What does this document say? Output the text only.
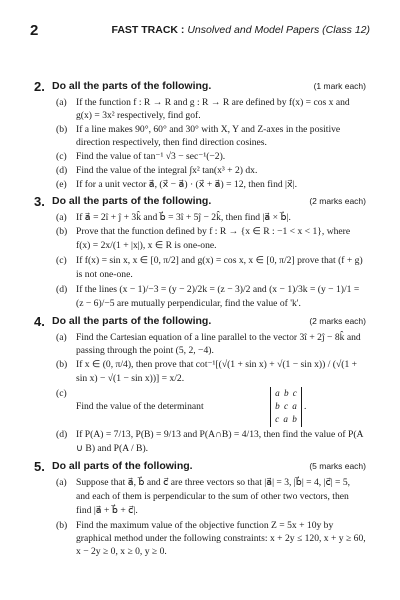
2	FAST TRACK : Unsolved and Model Papers (Class 12)
2. Do all the parts of the following.	(1 mark each)
(a) If the function f : R → R and g : R → R are defined by f(x) = cos x and g(x) = 3x² respectively, find gof.
(b) If a line makes 90°, 60° and 30° with X, Y and Z-axes in the positive direction respectively, then find direction cosines.
(c) Find the value of tan⁻¹ √3 − sec⁻¹(−2).
(d) Find the value of the integral ∫x² tan(x³ + 2) dx.
(e) If for a unit vector a⃗, (x⃗ − a⃗) · (x⃗ + a⃗) = 12, then find |x⃗|.
3. Do all the parts of the following.	(2 marks each)
(a) If a⃗ = 2î + ĵ + 3k̂ and b⃗ = 3î + 5ĵ − 2k̂, then find |a⃗ × b⃗|.
(b) Prove that the function defined by f : R → {x ∈ R : −1 < x < 1}, where f(x) = 2x/(1 + |x|), x ∈ R is one-one.
(c) If f(x) = sin x, x ∈ [0, π/2] and g(x) = cos x, x ∈ [0, π/2] prove that (f + g) is not one-one.
(d) If the lines (x − 1)/−3 = (y − 2)/2k = (z − 3)/2 and (x − 1)/3k = (y − 1)/1 = (z − 6)/−5 are mutually perpendicular, find the value of 'k'.
4. Do all the parts of the following.	(2 marks each)
(a) Find the Cartesian equation of a line parallel to the vector 3î + 2ĵ − 8k̂ and passing through the point (5, 2, −4).
(b) If x ∈ (0, π/4), then prove that cot⁻¹[(√(1 + sin x) + √(1 − sin x)) / (√(1 + sin x) − √(1 − sin x))] = x/2.
(c)
Find the value of the determinant
a b c
b c a
c a b
.
(d) If P(A) = 7/13, P(B) = 9/13 and P(A∩B) = 4/13, then find the value of P(A ∪ B) and P(A / B).
5. Do all parts of the following.	(5 marks each)
(a) Suppose that a⃗, b⃗ and c⃗ are three vectors so that |a⃗| = 3, |b⃗| = 4, |c⃗| = 5, and each of them is perpendicular to the sum of other two vectors, then find |a⃗ + b⃗ + c⃗|.
(b) Find the maximum value of the objective function Z = 5x + 10y by graphical method under the following constraints: x + 2y ≤ 120, x + y ≥ 60, x − 2y ≥ 0, x ≥ 0, y ≥ 0.
